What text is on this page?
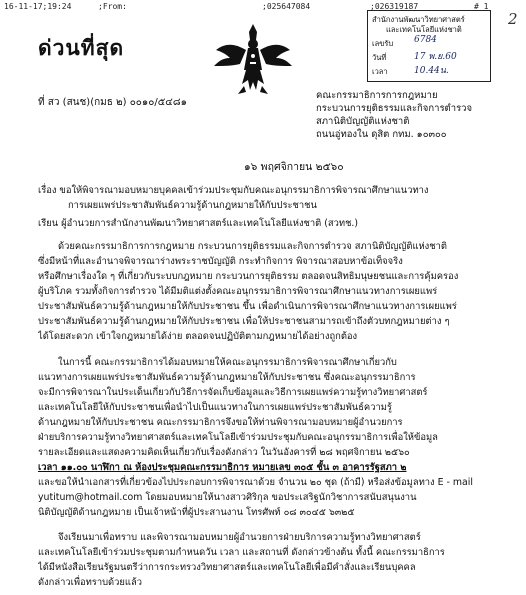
16-11-17;19:24	;From:	;025647084	;026319187	# 1
2
ด่วนที่สุด
สำนักงานพัฒนาวิทยาศาสตร์
และเทคโนโลยีแห่งชาติ
เลขรับ 6784
วันที่	17 พ.ย.60
เวลา	10.44น.
ที่ สว (สนช)(กมธ ๒) ๐๐๑๐/๕๔๘๑
คณะกรรมาธิการการกฎหมาย
กระบวนการยุติธรรมและกิจการตำรวจ
สภานิติบัญญัติแห่งชาติ
ถนนอู่ทองใน ดุสิต กทม. ๑๐๓๐๐
๑๖ พฤศจิกายน ๒๕๖๐
เรื่อง ขอให้พิจารณามอบหมายบุคคลเข้าร่วมประชุมกับคณะอนุกรรมาธิการพิจารณาศึกษาแนวทาง
การเผยแพร่ประชาสัมพันธ์ความรู้ด้านกฎหมายให้กับประชาชน
เรียน ผู้อำนวยการสำนักงานพัฒนาวิทยาศาสตร์และเทคโนโลยีแห่งชาติ (สวทช.)
ด้วยคณะกรรมาธิการการกฎหมาย กระบวนการยุติธรรมและกิจการตำรวจ สภานิติบัญญัติแห่งชาติ
ซึ่งมีหน้าที่และอำนาจพิจารณาร่างพระราชบัญญัติ กระทำกิจการ พิจารณาสอบหาข้อเท็จจริง
หรือศึกษาเรื่องใด ๆ ที่เกี่ยวกับระบบกฎหมาย กระบวนการยุติธรรม ตลอดจนสิทธิมนุษยชนและการคุ้มครอง
ผู้บริโภค รวมทั้งกิจการตำรวจ ได้มีมติแต่งตั้งคณะอนุกรรมาธิการพิจารณาศึกษาแนวทางการเผยแพร่
ประชาสัมพันธ์ความรู้ด้านกฎหมายให้กับประชาชน ขึ้น เพื่อดำเนินการพิจารณาศึกษาแนวทางการเผยแพร่
ประชาสัมพันธ์ความรู้ด้านกฎหมายให้กับประชาชน เพื่อให้ประชาชนสามารถเข้าถึงตัวบทกฎหมายต่าง ๆ
ได้โดยสะดวก เข้าใจกฎหมายได้ง่าย ตลอดจนปฏิบัติตามกฎหมายได้อย่างถูกต้อง
ในการนี้ คณะกรรมาธิการได้มอบหมายให้คณะอนุกรรมาธิการพิจารณาศึกษาเกี่ยวกับ
แนวทางการเผยแพร่ประชาสัมพันธ์ความรู้ด้านกฎหมายให้กับประชาชน ซึ่งคณะอนุกรรมาธิการ
จะมีการพิจารณาในประเด็นเกี่ยวกับวิธีการจัดเก็บข้อมูลและวิธีการเผยแพร่ความรู้ทางวิทยาศาสตร์
และเทคโนโลยีให้กับประชาชนเพื่อนำไปเป็นแนวทางในการเผยแพร่ประชาสัมพันธ์ความรู้
ด้านกฎหมายให้กับประชาชน คณะกรรมาธิการจึงขอให้ท่านพิจารณามอบหมายผู้อำนวยการ
ฝ่ายบริการความรู้ทางวิทยาศาสตร์และเทคโนโลยีเข้าร่วมประชุมกับคณะอนุกรรมาธิการเพื่อให้ข้อมูล
รายละเอียดและแสดงความคิดเห็นเกี่ยวกับเรื่องดังกล่าว ในวันอังคารที่ ๒๘ พฤศจิกายน ๒๕๖๐
เวลา ๑๑.๐๐ นาฬิกา ณ ห้องประชุมคณะกรรมาธิการ หมายเลข ๓๐๕ ชั้น ๓ อาคารรัฐสภา ๒
และขอให้นำเอกสารที่เกี่ยวข้องไปประกอบการพิจารณาด้วย จำนวน ๒๐ ชุด (ถ้ามี) หรือส่งข้อมูลทาง E - mail
yutitum@hotmail.com โดยมอบหมายให้นางสาวศิริกุล ขอประเสริฐนักวิชาการสนับสนุนงาน
นิติบัญญัติด้านกฎหมาย เป็นเจ้าหน้าที่ผู้ประสานงาน โทรศัพท์ ๐๘ ๓๐๔๕ ๖๓๒๕
จึงเรียนมาเพื่อทราบ และพิจารณามอบหมายผู้อำนวยการฝ่ายบริการความรู้ทางวิทยาศาสตร์
และเทคโนโลยีเข้าร่วมประชุมตามกำหนดวัน เวลา และสถานที่ ดังกล่าวข้างต้น ทั้งนี้ คณะกรรมาธิการ
ได้มีหนังสือเรียนรัฐมนตรีว่าการกระทรวงวิทยาศาสตร์และเทคโนโลยีเพื่อมีคำสั่งและเรียนบุคคล
ดังกล่าวเพื่อทราบด้วยแล้ว
